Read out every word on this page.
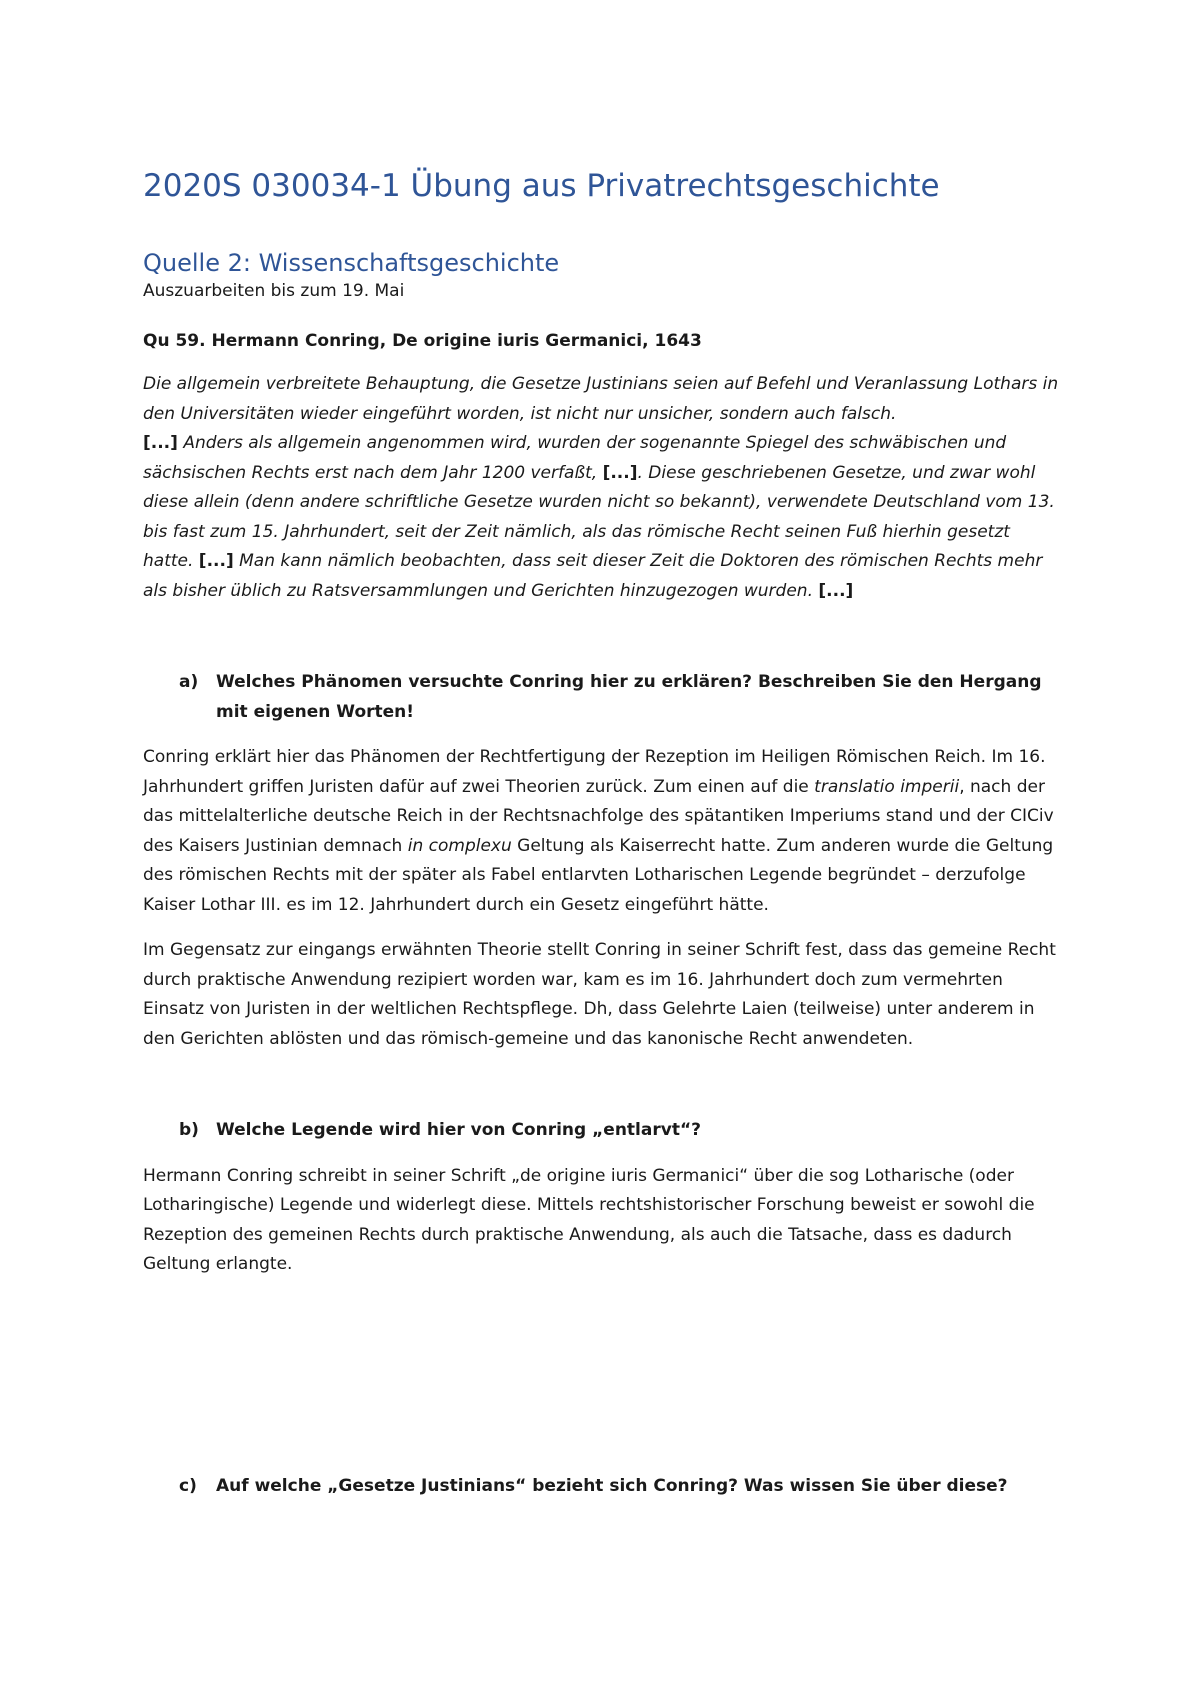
2020S 030034-1 Übung aus Privatrechtsgeschichte
Quelle 2: Wissenschaftsgeschichte

Auszuarbeiten bis zum 19. Mai

Qu 59. Hermann Conring, De origine iuris Germanici, 1643

Die allgemein verbreitete Behauptung, die Gesetze Justinians seien auf Befehl und Veranlassung Lothars in den Universitäten wieder eingeführt worden, ist nicht nur unsicher, sondern auch falsch.
[...] Anders als allgemein angenommen wird, wurden der sogenannte Spiegel des schwäbischen und sächsischen Rechts erst nach dem Jahr 1200 verfaßt, [...]. Diese geschriebenen Gesetze, und zwar wohl diese allein (denn andere schriftliche Gesetze wurden nicht so bekannt), verwendete Deutschland vom 13. bis fast zum 15. Jahrhundert, seit der Zeit nämlich, als das römische Recht seinen Fuß hierhin gesetzt hatte. [...] Man kann nämlich beobachten, dass seit dieser Zeit die Doktoren des römischen Rechts mehr als bisher üblich zu Ratsversammlungen und Gerichten hinzugezogen wurden. [...]

a)	Welches Phänomen versuchte Conring hier zu erklären? Beschreiben Sie den Hergang mit eigenen Worten!

Conring erklärt hier das Phänomen der Rechtfertigung der Rezeption im Heiligen Römischen Reich. Im 16. Jahrhundert griffen Juristen dafür auf zwei Theorien zurück. Zum einen auf die translatio imperii, nach der das mittelalterliche deutsche Reich in der Rechtsnachfolge des spätantiken Imperiums stand und der CICiv des Kaisers Justinian demnach in complexu Geltung als Kaiserrecht hatte. Zum anderen wurde die Geltung des römischen Rechts mit der später als Fabel entlarvten Lotharischen Legende begründet – derzufolge Kaiser Lothar III. es im 12. Jahrhundert durch ein Gesetz eingeführt hätte.

Im Gegensatz zur eingangs erwähnten Theorie stellt Conring in seiner Schrift fest, dass das gemeine Recht durch praktische Anwendung rezipiert worden war, kam es im 16. Jahrhundert doch zum vermehrten Einsatz von Juristen in der weltlichen Rechtspflege. Dh, dass Gelehrte Laien (teilweise) unter anderem in den Gerichten ablösten und das römisch-gemeine und das kanonische Recht anwendeten.

b)	Welche Legende wird hier von Conring „entlarvt“?

Hermann Conring schreibt in seiner Schrift „de origine iuris Germanici“ über die sog Lotharische (oder Lotharingische) Legende und widerlegt diese. Mittels rechtshistorischer Forschung beweist er sowohl die Rezeption des gemeinen Rechts durch praktische Anwendung, als auch die Tatsache, dass es dadurch Geltung erlangte.

c)	Auf welche „Gesetze Justinians“ bezieht sich Conring? Was wissen Sie über diese?
